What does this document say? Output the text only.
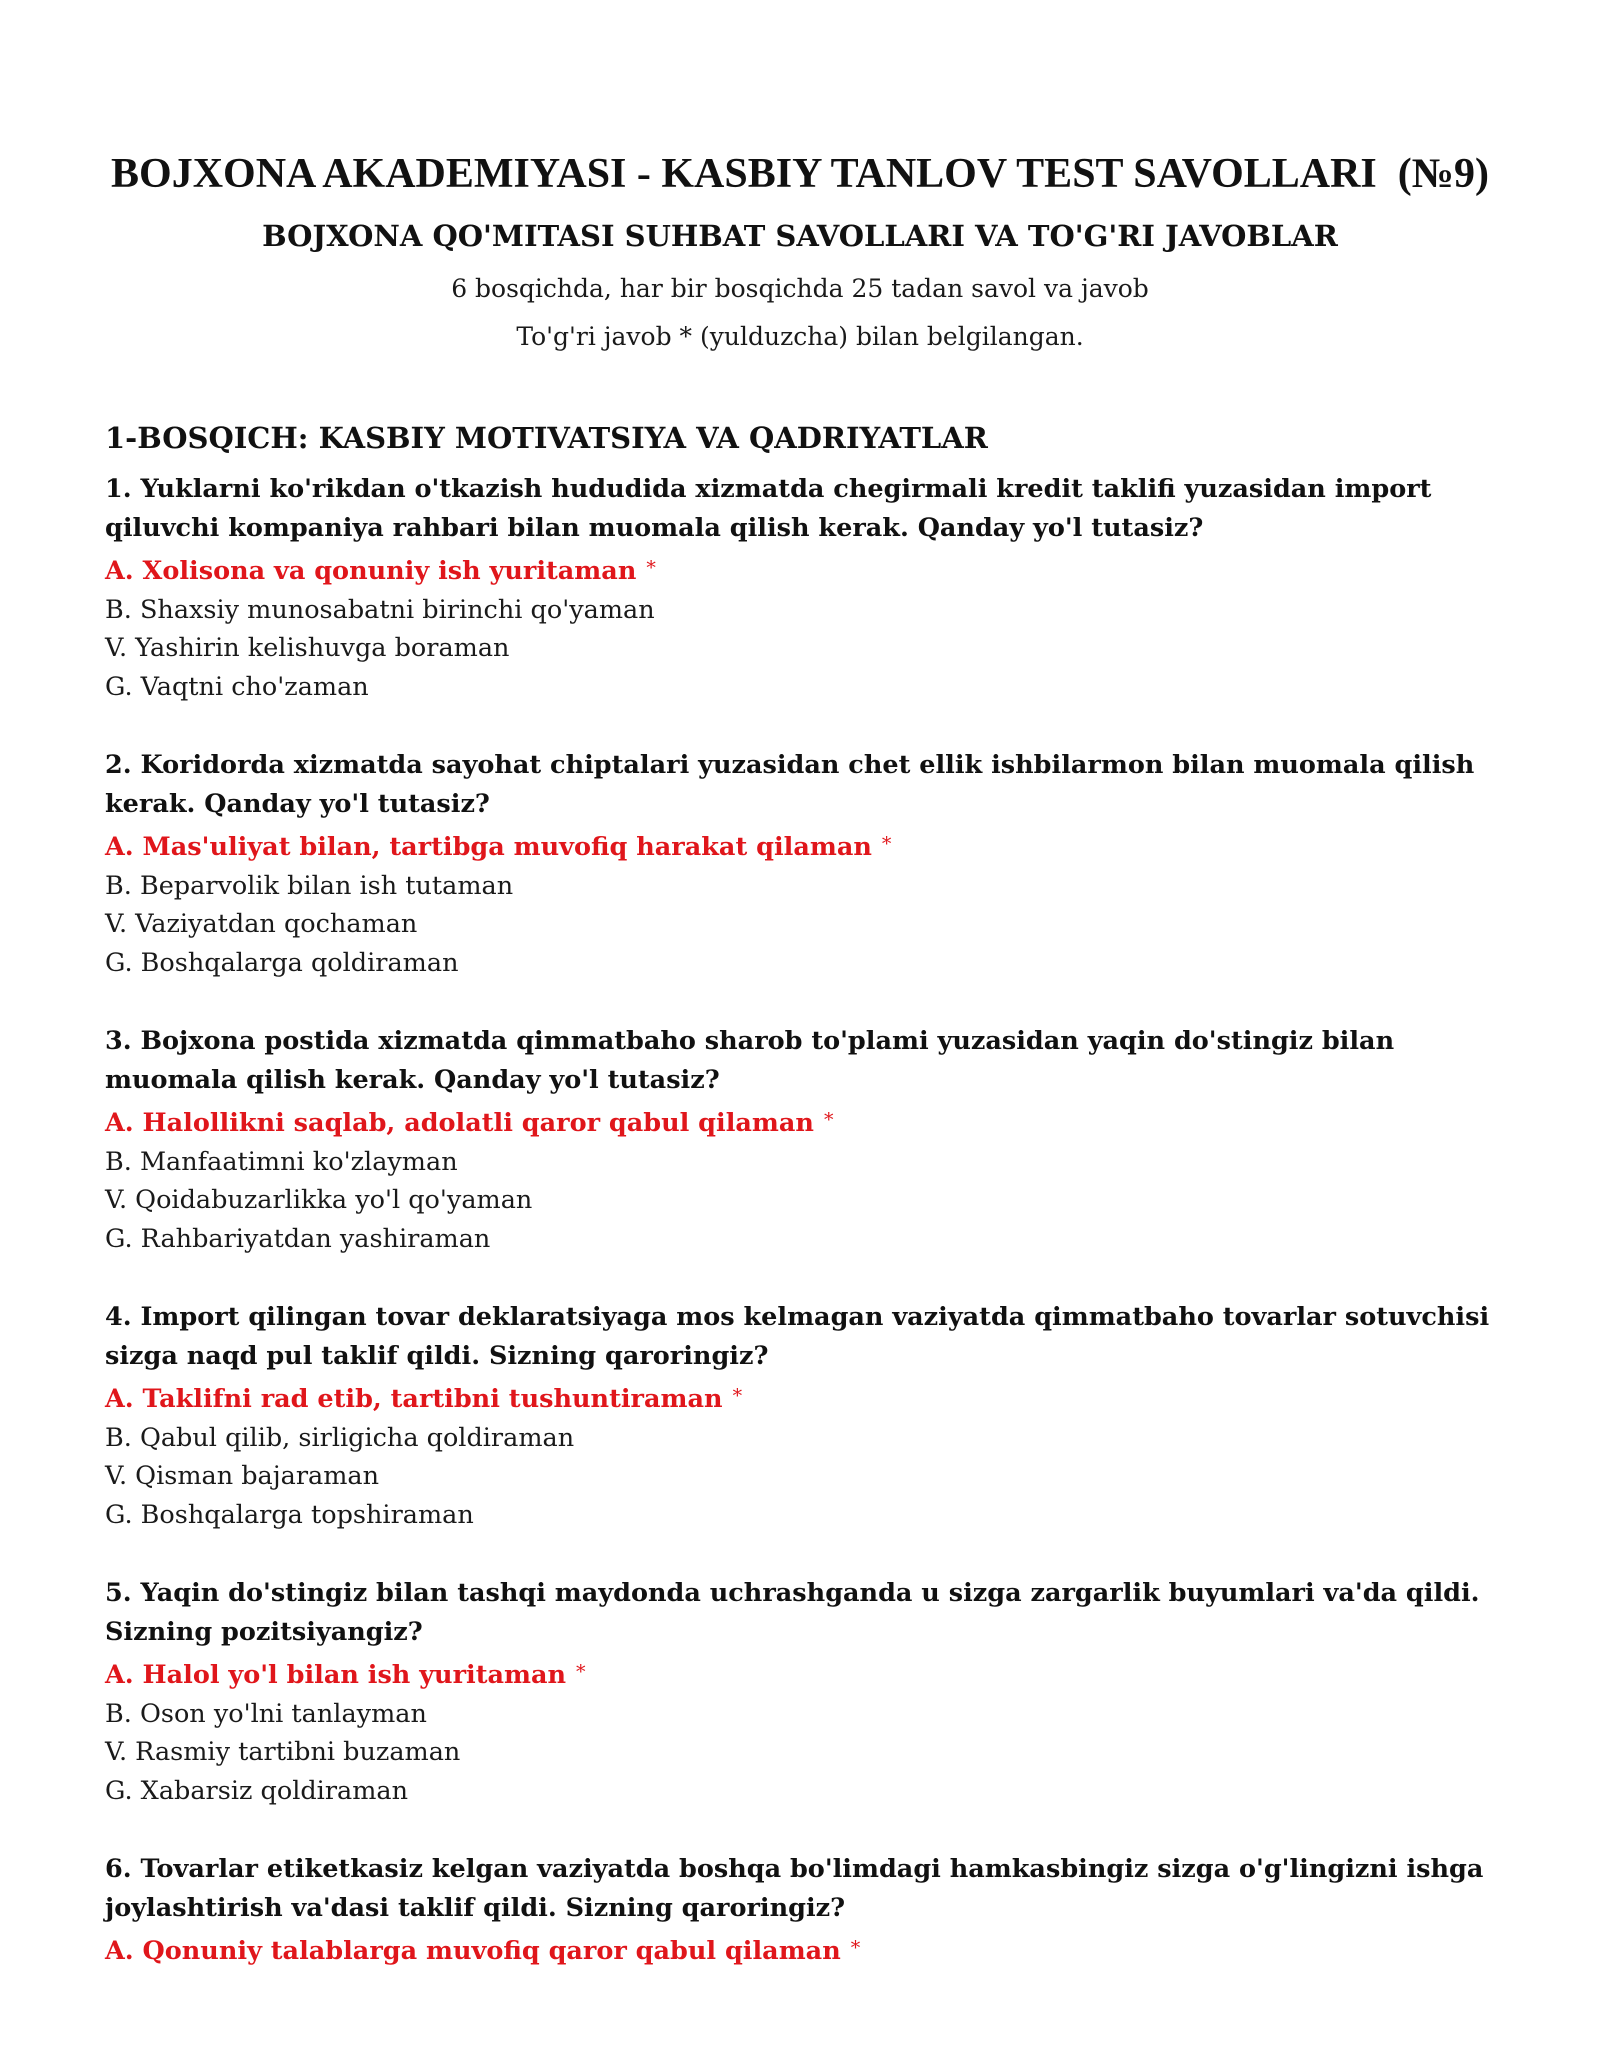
BOJXONA AKADEMIYASI - KASBIY TANLOV TEST SAVOLLARI  (№9)
BOJXONA QO'MITASI SUHBAT SAVOLLARI VA TO'G'RI JAVOBLAR
6 bosqichda, har bir bosqichda 25 tadan savol va javob
To'g'ri javob * (yulduzcha) bilan belgilangan.
1-BOSQICH: KASBIY MOTIVATSIYA VA QADRIYATLAR
1. Yuklarni ko'rikdan o'tkazish hududida xizmatda chegirmali kredit taklifi yuzasidan import qiluvchi kompaniya rahbari bilan muomala qilish kerak. Qanday yo'l tutasiz?
A. Xolisona va qonuniy ish yuritaman *
B. Shaxsiy munosabatni birinchi qo'yaman
V. Yashirin kelishuvga boraman
G. Vaqtni cho'zaman
2. Koridorda xizmatda sayohat chiptalari yuzasidan chet ellik ishbilarmon bilan muomala qilish kerak. Qanday yo'l tutasiz?
A. Mas'uliyat bilan, tartibga muvofiq harakat qilaman *
B. Beparvolik bilan ish tutaman
V. Vaziyatdan qochaman
G. Boshqalarga qoldiraman
3. Bojxona postida xizmatda qimmatbaho sharob to'plami yuzasidan yaqin do'stingiz bilan muomala qilish kerak. Qanday yo'l tutasiz?
A. Halollikni saqlab, adolatli qaror qabul qilaman *
B. Manfaatimni ko'zlayman
V. Qoidabuzarlikka yo'l qo'yaman
G. Rahbariyatdan yashiraman
4. Import qilingan tovar deklaratsiyaga mos kelmagan vaziyatda qimmatbaho tovarlar sotuvchisi sizga naqd pul taklif qildi. Sizning qaroringiz?
A. Taklifni rad etib, tartibni tushuntiraman *
B. Qabul qilib, sirligicha qoldiraman
V. Qisman bajaraman
G. Boshqalarga topshiraman
5. Yaqin do'stingiz bilan tashqi maydonda uchrashganda u sizga zargarlik buyumlari va'da qildi. Sizning pozitsiyangiz?
A. Halol yo'l bilan ish yuritaman *
B. Oson yo'lni tanlayman
V. Rasmiy tartibni buzaman
G. Xabarsiz qoldiraman
6. Tovarlar etiketkasiz kelgan vaziyatda boshqa bo'limdagi hamkasbingiz sizga o'g'lingizni ishga joylashtirish va'dasi taklif qildi. Sizning qaroringiz?
A. Qonuniy talablarga muvofiq qaror qabul qilaman *
